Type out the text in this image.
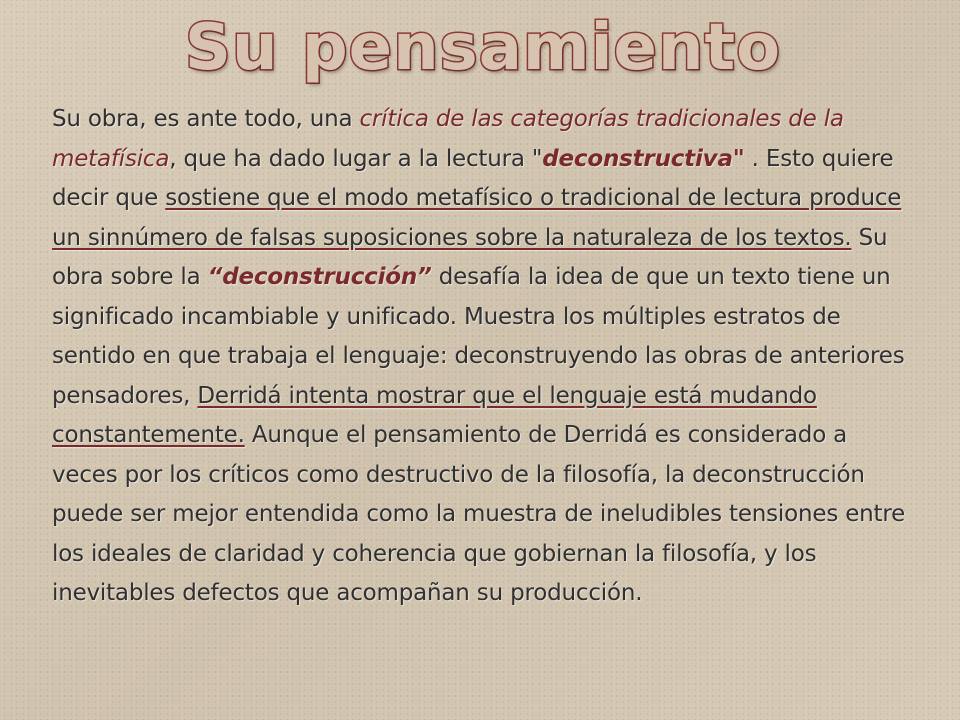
Su pensamiento

Su obra, es ante todo, una crítica de las categorías tradicionales de la metafísica, que ha dado lugar a la lectura "deconstructiva" . Esto quiere decir que sostiene que el modo metafísico o tradicional de lectura produce un sinnúmero de falsas suposiciones sobre la naturaleza de los textos. Su obra sobre la “deconstrucción” desafía la idea de que un texto tiene un significado incambiable y unificado. Muestra los múltiples estratos de sentido en que trabaja el lenguaje: deconstruyendo las obras de anteriores pensadores, Derridá intenta mostrar que el lenguaje está mudando constantemente. Aunque el pensamiento de Derridá es considerado a veces por los críticos como destructivo de la filosofía, la deconstrucción puede ser mejor entendida como la muestra de ineludibles tensiones entre los ideales de claridad y coherencia que gobiernan la filosofía, y los inevitables defectos que acompañan su producción.
